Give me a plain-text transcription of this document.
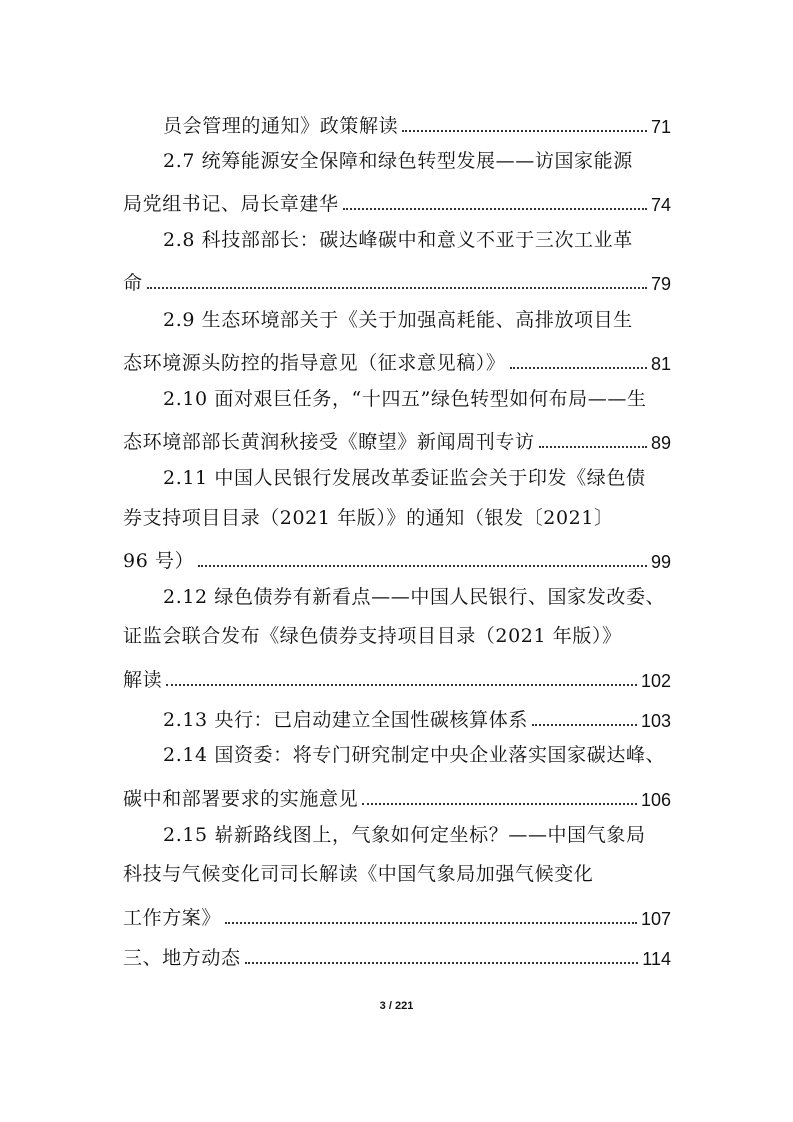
员会管理的通知》政策解读	71
2.7 统筹能源安全保障和绿色转型发展——访国家能源
局党组书记、局长章建华	74
2.8 科技部部长：碳达峰碳中和意义不亚于三次工业革
命	79
2.9 生态环境部关于《关于加强高耗能、高排放项目生
态环境源头防控的指导意见（征求意见稿）》	81
2.10 面对艰巨任务，“十四五”绿色转型如何布局——生
态环境部部长黄润秋接受《瞭望》新闻周刊专访	89
2.11 中国人民银行发展改革委证监会关于印发《绿色债
券支持项目目录（2021 年版）》的通知（银发〔2021〕
96 号）	99
2.12 绿色债券有新看点——中国人民银行、国家发改委、
证监会联合发布《绿色债券支持项目目录（2021 年版）》
解读	102
2.13 央行：已启动建立全国性碳核算体系	103
2.14 国资委：将专门研究制定中央企业落实国家碳达峰、
碳中和部署要求的实施意见	106
2.15 崭新路线图上，气象如何定坐标？——中国气象局
科技与气候变化司司长解读《中国气象局加强气候变化
工作方案》	107
三、地方动态	114
3 / 221
